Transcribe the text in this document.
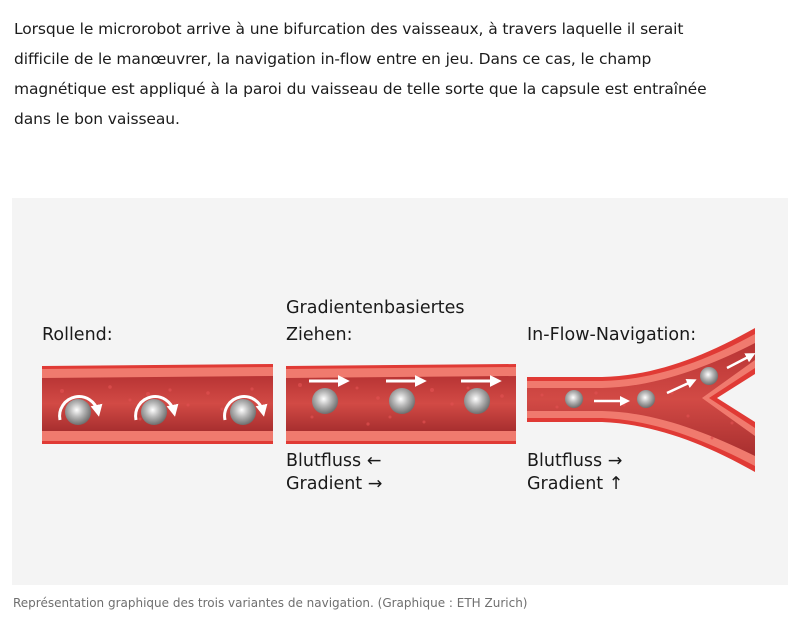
Lorsque le microrobot arrive à une bifurcation des vaisseaux, à travers laquelle il serait
difficile de le manœuvrer, la navigation in-flow entre en jeu. Dans ce cas, le champ
magnétique est appliqué à la paroi du vaisseau de telle sorte que la capsule est entraînée
dans le bon vaisseau.
Rollend:
Gradientenbasiertes
Ziehen:	In-Flow-Navigation:
Blutfluss ←
Gradient →
Blutfluss →
Gradient ↑
Représentation graphique des trois variantes de navigation. (Graphique : ETH Zurich)
